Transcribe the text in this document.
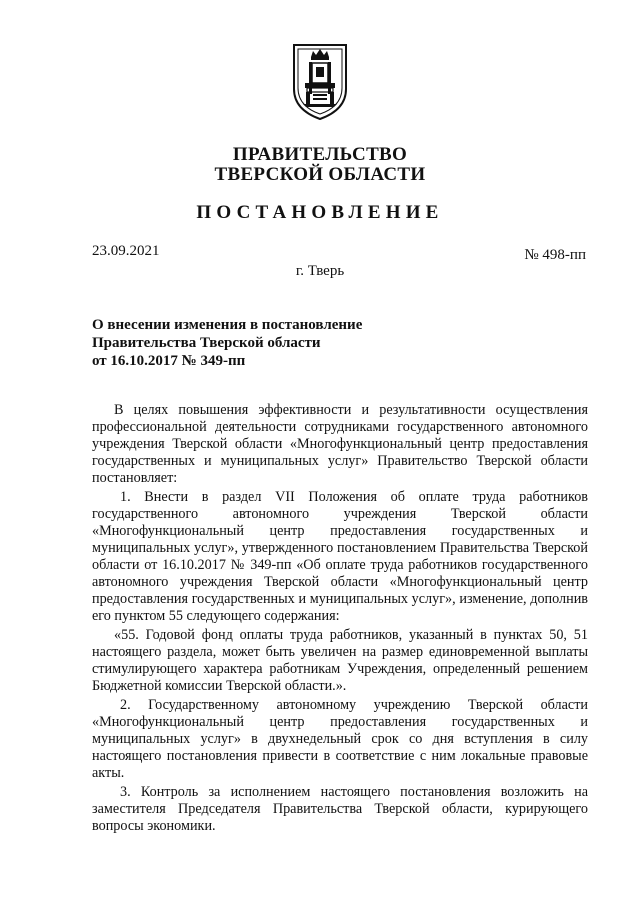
ПРАВИТЕЛЬСТВО
ТВЕРСКОЙ ОБЛАСТИ
ПОСТАНОВЛЕНИЕ
23.09.2021	№ 498-пп
г. Тверь
О внесении изменения в постановление
Правительства Тверской области
от 16.10.2017 № 349-пп

В целях повышения эффективности и результативности осуществления профессиональной деятельности сотрудниками государственного автономного учреждения Тверской области «Многофункциональный центр предоставления государственных и муниципальных услуг» Правительство Тверской области постановляет:

1. Внести в раздел VII Положения об оплате труда работников государственного автономного учреждения Тверской области «Многофункциональный центр предоставления государственных и муниципальных услуг», утвержденного постановлением Правительства Тверской области от 16.10.2017 № 349-пп «Об оплате труда работников государственного автономного учреждения Тверской области «Многофункциональный центр предоставления государственных и муниципальных услуг», изменение, дополнив его пунктом 55 следующего содержания:

«55. Годовой фонд оплаты труда работников, указанный в пунктах 50, 51 настоящего раздела, может быть увеличен на размер единовременной выплаты стимулирующего характера работникам Учреждения, определенный решением Бюджетной комиссии Тверской области.».

2. Государственному автономному учреждению Тверской области «Многофункциональный центр предоставления государственных и муниципальных услуг» в двухнедельный срок со дня вступления в силу настоящего постановления привести в соответствие с ним локальные правовые акты.

3. Контроль за исполнением настоящего постановления возложить на заместителя Председателя Правительства Тверской области, курирующего вопросы экономики.
